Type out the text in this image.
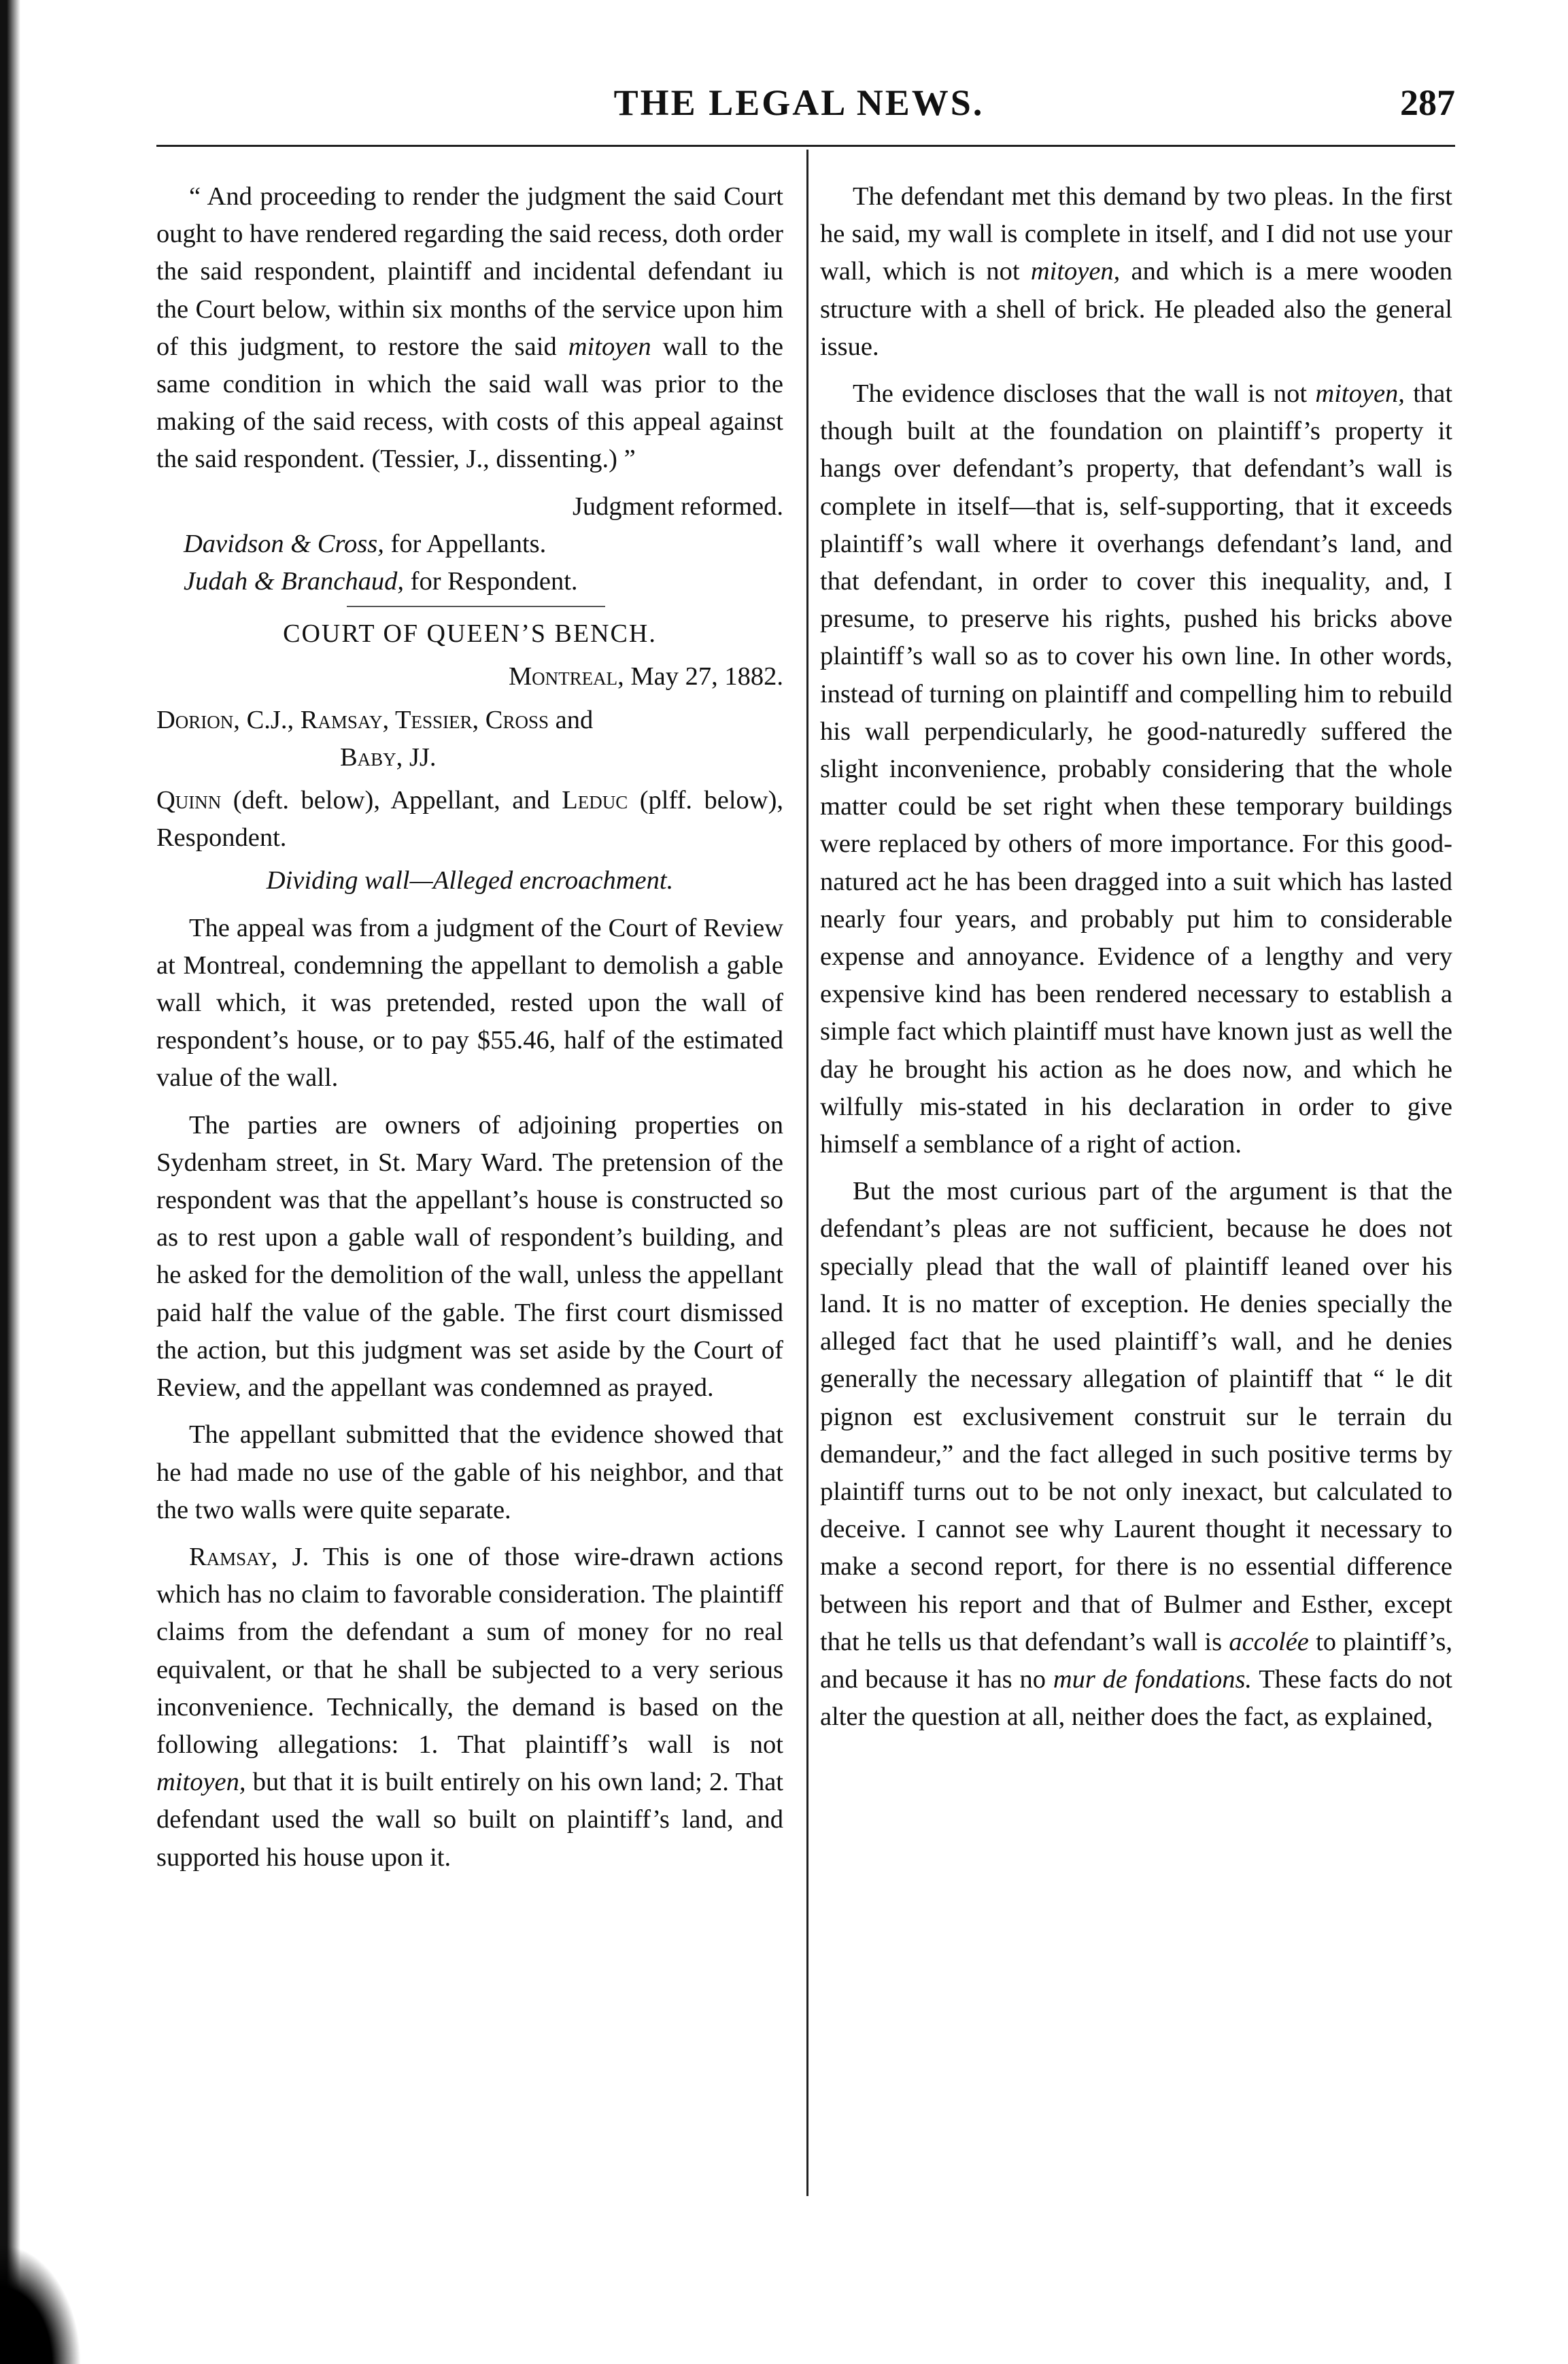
THE LEGAL NEWS.	287

“ And proceeding to render the judgment the said Court ought to have rendered regarding the said recess, doth order the said respondent, plaintiff and incidental defendant iu the Court below, within six months of the service upon him of this judgment, to restore the said mitoyen wall to the same condition in which the said wall was prior to the making of the said recess, with costs of this appeal against the said respondent. (Tessier, J., dissenting.) ”

Judgment reformed.

Davidson & Cross, for Appellants.

Judah & Branchaud, for Respondent.

COURT OF QUEEN’S BENCH.

Montreal, May 27, 1882.

Dorion, C.J., Ramsay, Tessier, Cross and
Baby, JJ.

Quinn (deft. below), Appellant, and Leduc (plff. below), Respondent.

Dividing wall—Alleged encroachment.

The appeal was from a judgment of the Court of Review at Montreal, condemning the appellant to demolish a gable wall which, it was pretended, rested upon the wall of respondent’s house, or to pay $55.46, half of the estimated value of the wall.

The parties are owners of adjoining properties on Sydenham street, in St. Mary Ward. The pretension of the respondent was that the appellant’s house is constructed so as to rest upon a gable wall of respondent’s building, and he asked for the demolition of the wall, unless the appellant paid half the value of the gable. The first court dismissed the action, but this judgment was set aside by the Court of Review, and the appellant was condemned as prayed.

The appellant submitted that the evidence showed that he had made no use of the gable of his neighbor, and that the two walls were quite separate.

Ramsay, J. This is one of those wire-drawn actions which has no claim to favorable consideration. The plaintiff claims from the defendant a sum of money for no real equivalent, or that he shall be subjected to a very serious inconvenience. Technically, the demand is based on the following allegations: 1. That plaintiff’s wall is not mitoyen, but that it is built entirely on his own land; 2. That defendant used the wall so built on plaintiff’s land, and supported his house upon it.

The defendant met this demand by two pleas. In the first he said, my wall is complete in itself, and I did not use your wall, which is not mitoyen, and which is a mere wooden structure with a shell of brick. He pleaded also the general issue.

The evidence discloses that the wall is not mitoyen, that though built at the foundation on plaintiff’s property it hangs over defendant’s property, that defendant’s wall is complete in itself—that is, self-supporting, that it exceeds plaintiff’s wall where it overhangs defendant’s land, and that defendant, in order to cover this inequality, and, I presume, to preserve his rights, pushed his bricks above plaintiff’s wall so as to cover his own line. In other words, instead of turning on plaintiff and compelling him to rebuild his wall perpendicularly, he good-naturedly suffered the slight inconvenience, probably considering that the whole matter could be set right when these temporary buildings were replaced by others of more importance. For this good-natured act he has been dragged into a suit which has lasted nearly four years, and probably put him to considerable expense and annoyance. Evidence of a lengthy and very expensive kind has been rendered necessary to establish a simple fact which plaintiff must have known just as well the day he brought his action as he does now, and which he wilfully mis-stated in his declaration in order to give himself a semblance of a right of action.

But the most curious part of the argument is that the defendant’s pleas are not sufficient, because he does not specially plead that the wall of plaintiff leaned over his land. It is no matter of exception. He denies specially the alleged fact that he used plaintiff’s wall, and he denies generally the necessary allegation of plaintiff that “ le dit pignon est exclusivement construit sur le terrain du demandeur,” and the fact alleged in such positive terms by plaintiff turns out to be not only inexact, but calculated to deceive. I cannot see why Laurent thought it necessary to make a second report, for there is no essential difference between his report and that of Bulmer and Esther, except that he tells us that defendant’s wall is accolée to plaintiff’s, and because it has no mur de fondations. These facts do not alter the question at all, neither does the fact, as explained,
